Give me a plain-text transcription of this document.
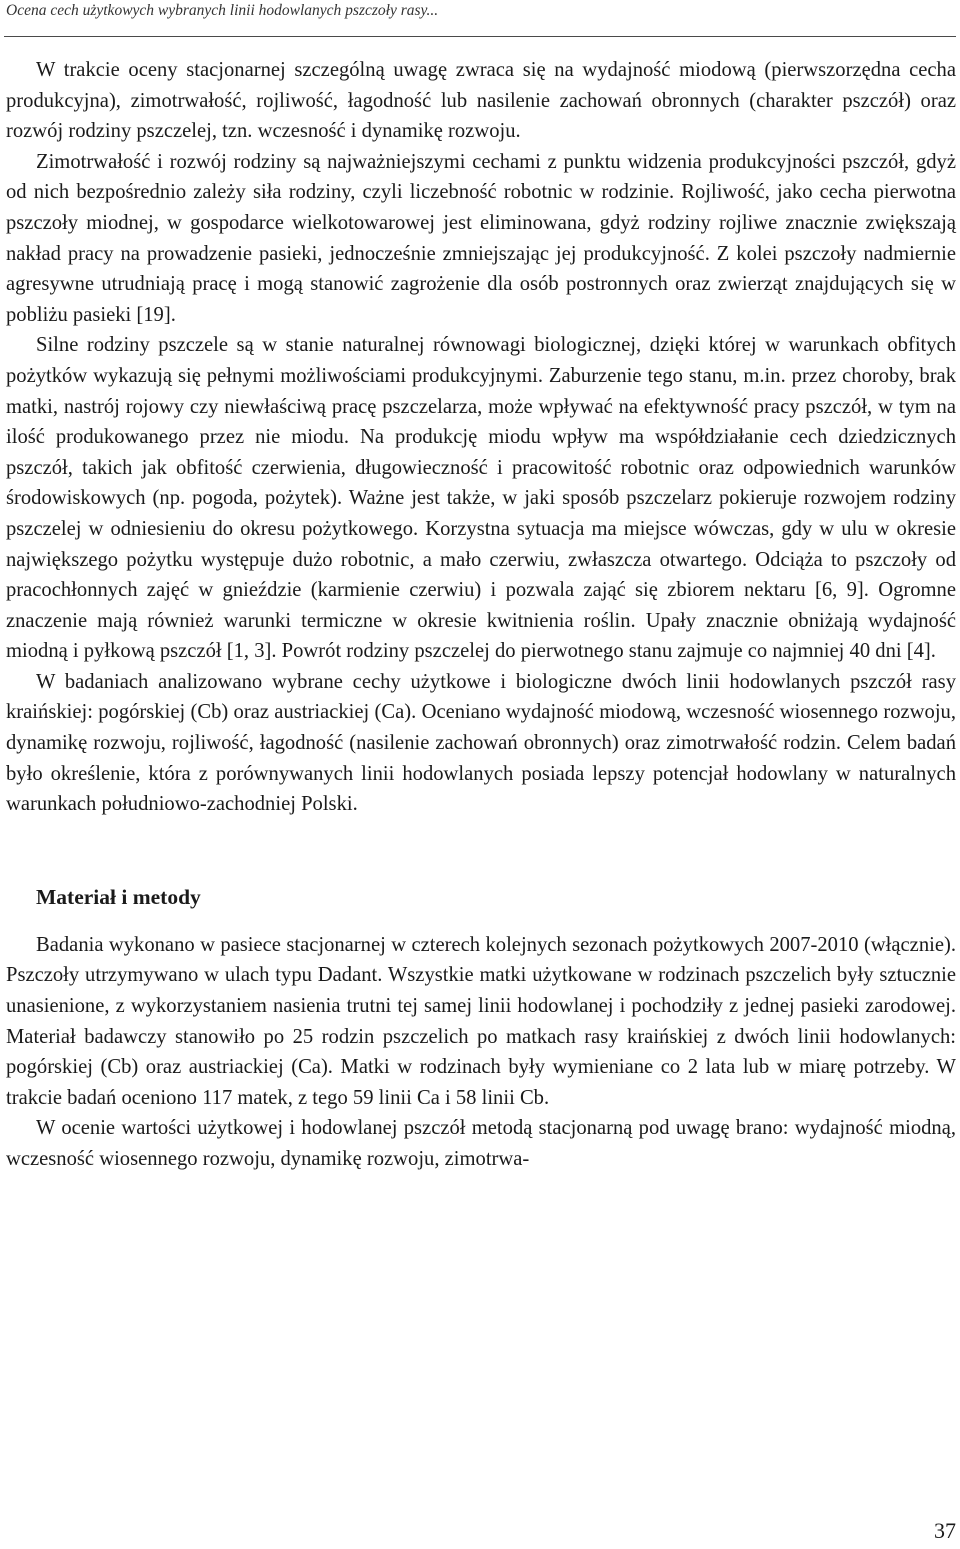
Ocena cech użytkowych wybranych linii hodowlanych pszczoły rasy...

W trakcie oceny stacjonarnej szczególną uwagę zwraca się na wydajność miodową (pierwszorzędna cecha produkcyjna), zimotrwałość, rojliwość, łagodność lub nasilenie zachowań obronnych (charakter pszczół) oraz rozwój rodziny pszczelej, tzn. wczesność i dynamikę rozwoju.

Zimotrwałość i rozwój rodziny są najważniejszymi cechami z punktu widzenia produkcyjności pszczół, gdyż od nich bezpośrednio zależy siła rodziny, czyli liczebność robotnic w rodzinie. Rojliwość, jako cecha pierwotna pszczoły miodnej, w gospodarce wielkotowarowej jest eliminowana, gdyż rodziny rojliwe znacznie zwiększają nakład pracy na prowadzenie pasieki, jednocześnie zmniejszając jej produkcyjność. Z kolei pszczoły nadmiernie agresywne utrudniają pracę i mogą stanowić zagrożenie dla osób postronnych oraz zwierząt znajdujących się w pobliżu pasieki [19].

Silne rodziny pszczele są w stanie naturalnej równowagi biologicznej, dzięki której w warunkach obfitych pożytków wykazują się pełnymi możliwościami produkcyjnymi. Zaburzenie tego stanu, m.in. przez choroby, brak matki, nastrój rojowy czy niewłaściwą pracę pszczelarza, może wpływać na efektywność pracy pszczół, w tym na ilość produkowanego przez nie miodu. Na produkcję miodu wpływ ma współdziałanie cech dziedzicznych pszczół, takich jak obfitość czerwienia, długowieczność i pracowitość robotnic oraz odpowiednich warunków środowiskowych (np. pogoda, pożytek). Ważne jest także, w jaki sposób pszczelarz pokieruje rozwojem rodziny pszczelej w odniesieniu do okresu pożytkowego. Korzystna sytuacja ma miejsce wówczas, gdy w ulu w okresie największego pożytku występuje dużo robotnic, a mało czerwiu, zwłaszcza otwartego. Odciąża to pszczoły od pracochłonnych zajęć w gnieździe (karmienie czerwiu) i pozwala zająć się zbiorem nektaru [6, 9]. Ogromne znaczenie mają również warunki termiczne w okresie kwitnienia roślin. Upały znacznie obniżają wydajność miodną i pyłkową pszczół [1, 3]. Powrót rodziny pszczelej do pierwotnego stanu zajmuje co najmniej 40 dni [4].

W badaniach analizowano wybrane cechy użytkowe i biologiczne dwóch linii hodowlanych pszczół rasy kraińskiej: pogórskiej (Cb) oraz austriackiej (Ca). Oceniano wydajność miodową, wczesność wiosennego rozwoju, dynamikę rozwoju, rojliwość, łagodność (nasilenie zachowań obronnych) oraz zimotrwałość rodzin. Celem badań było określenie, która z porównywanych linii hodowlanych posiada lepszy potencjał hodowlany w naturalnych warunkach południowo-zachodniej Polski.

Materiał i metody

Badania wykonano w pasiece stacjonarnej w czterech kolejnych sezonach pożytkowych 2007-2010 (włącznie). Pszczoły utrzymywano w ulach typu Dadant. Wszystkie matki użytkowane w rodzinach pszczelich były sztucznie unasienione, z wykorzystaniem nasienia trutni tej samej linii hodowlanej i pochodziły z jednej pasieki zarodowej. Materiał badawczy stanowiło po 25 rodzin pszczelich po matkach rasy kraińskiej z dwóch linii hodowlanych: pogórskiej (Cb) oraz austriackiej (Ca). Matki w rodzinach były wymieniane co 2 lata lub w miarę potrzeby. W trakcie badań oceniono 117 matek, z tego 59 linii Ca i 58 linii Cb.

W ocenie wartości użytkowej i hodowlanej pszczół metodą stacjonarną pod uwagę brano: wydajność miodną, wczesność wiosennego rozwoju, dynamikę rozwoju, zimotrwa-

37
